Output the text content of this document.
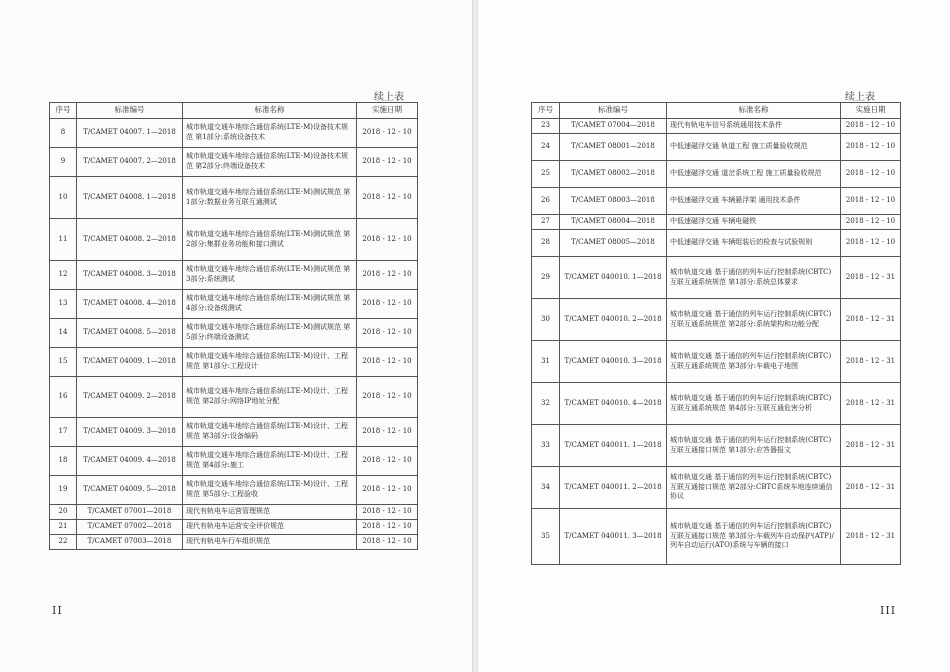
续上表	续上表
序号	标准编号	标准名称	实施日期
8	T/CAMET 04007. 1—2018	城市轨道交通车地综合通信系统(LTE-M)设备技术规范 第1部分:系统设备技术	2018 - 12 - 10
9	T/CAMET 04007. 2—2018	城市轨道交通车地综合通信系统(LTE-M)设备技术规范 第2部分:终端设备技术	2018 - 12 - 10
10	T/CAMET 04008. 1—2018	城市轨道交通车地综合通信系统(LTE-M)测试规范 第1部分:数据业务互联互通测试	2018 - 12 - 10
11	T/CAMET 04008. 2—2018	城市轨道交通车地综合通信系统(LTE-M)测试规范 第2部分:集群业务功能和接口测试	2018 - 12 - 10
12	T/CAMET 04008. 3—2018	城市轨道交通车地综合通信系统(LTE-M)测试规范 第3部分:系统测试	2018 - 12 - 10
13	T/CAMET 04008. 4—2018	城市轨道交通车地综合通信系统(LTE-M)测试规范 第4部分:设备级测试	2018 - 12 - 10
14	T/CAMET 04008. 5—2018	城市轨道交通车地综合通信系统(LTE-M)测试规范 第5部分:终端设备测试	2018 - 12 - 10
15	T/CAMET 04009. 1—2018	城市轨道交通车地综合通信系统(LTE-M)设计、工程规范 第1部分:工程设计	2018 - 12 - 10
16	T/CAMET 04009. 2—2018	城市轨道交通车地综合通信系统(LTE-M)设计、工程规范 第2部分:网络IP地址分配	2018 - 12 - 10
17	T/CAMET 04009. 3—2018	城市轨道交通车地综合通信系统(LTE-M)设计、工程规范 第3部分:设备编码	2018 - 12 - 10
18	T/CAMET 04009. 4—2018	城市轨道交通车地综合通信系统(LTE-M)设计、工程规范 第4部分:施工	2018 - 12 - 10
19	T/CAMET 04009. 5—2018	城市轨道交通车地综合通信系统(LTE-M)设计、工程规范 第5部分:工程验收	2018 - 12 - 10
20	T/CAMET 07001—2018	现代有轨电车运营管理规范	2018 - 12 - 10
21	T/CAMET 07002—2018	现代有轨电车运营安全评价规范	2018 - 12 - 10
22	T/CAMET 07003—2018	现代有轨电车行车组织规范	2018 - 12 - 10
序号	标准编号	标准名称	实施日期
23	T/CAMET 07004—2018	现代有轨电车信号系统通用技术条件	2018 - 12 - 10
24	T/CAMET 08001—2018	中低速磁浮交通 轨道工程 施工质量验收规范	2018 - 12 - 10
25	T/CAMET 08002—2018	中低速磁浮交通 道岔系统工程 施工质量验收规范	2018 - 12 - 10
26	T/CAMET 08003—2018	中低速磁浮交通 车辆悬浮架 通用技术条件	2018 - 12 - 10
27	T/CAMET 08004—2018	中低速磁浮交通 车辆电磁铁	2018 - 12 - 10
28	T/CAMET 08005—2018	中低速磁浮交通 车辆组装后的检查与试验规则	2018 - 12 - 10
29	T/CAMET 040010. 1—2018	城市轨道交通 基于通信的列车运行控制系统(CBTC)互联互通系统规范 第1部分:系统总体要求	2018 - 12 - 31
30	T/CAMET 040010. 2—2018	城市轨道交通 基于通信的列车运行控制系统(CBTC)互联互通系统规范 第2部分:系统架构和功能分配	2018 - 12 - 31
31	T/CAMET 040010. 3—2018	城市轨道交通 基于通信的列车运行控制系统(CBTC)互联互通系统规范 第3部分:车载电子地图	2018 - 12 - 31
32	T/CAMET 040010. 4—2018	城市轨道交通 基于通信的列车运行控制系统(CBTC)互联互通系统规范 第4部分:互联互通危害分析	2018 - 12 - 31
33	T/CAMET 040011. 1—2018	城市轨道交通 基于通信的列车运行控制系统(CBTC)互联互通接口规范 第1部分:应答器报文	2018 - 12 - 31
34	T/CAMET 040011. 2—2018	城市轨道交通 基于通信的列车运行控制系统(CBTC)互联互通接口规范 第2部分:CBTC系统车地连续通信协议	2018 - 12 - 31
35	T/CAMET 040011. 3—2018	城市轨道交通 基于通信的列车运行控制系统(CBTC)互联互通接口规范 第3部分:车载列车自动保护(ATP)/列车自动运行(ATO)系统与车辆的接口	2018 - 12 - 31
II	III
